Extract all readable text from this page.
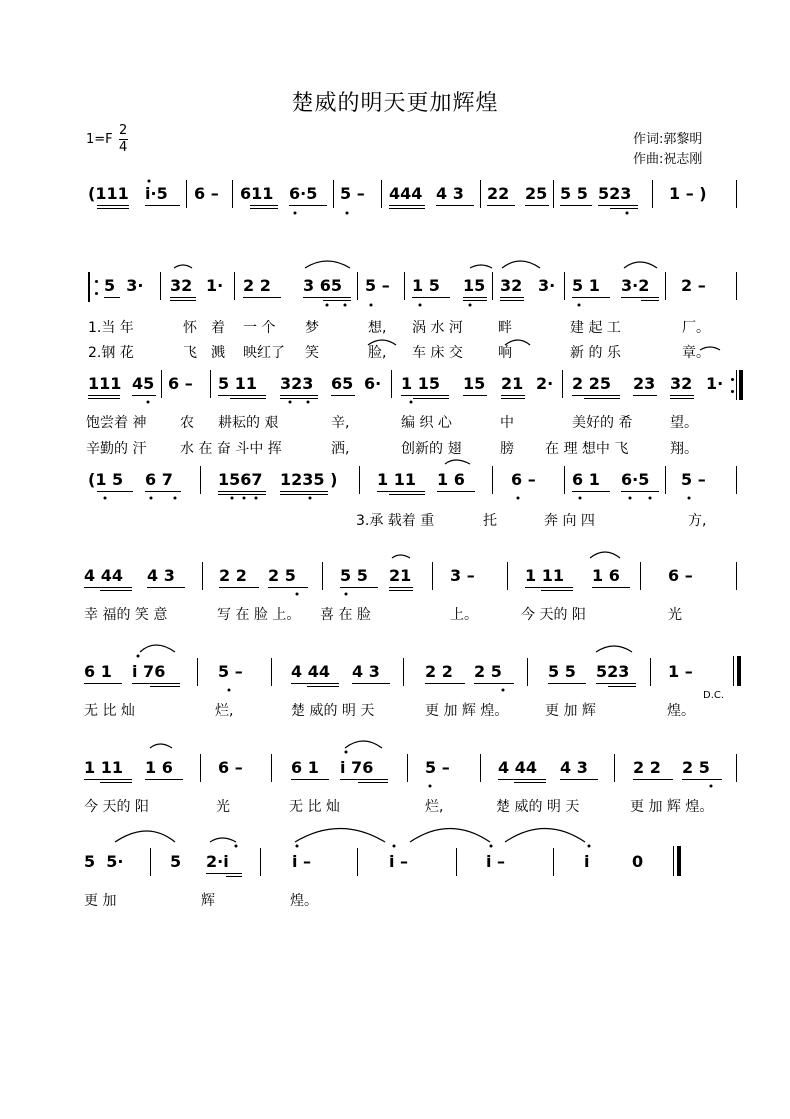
楚威的明天更加辉煌
$1=F \frac{2}{4}$	作词:郭黎明
作曲:祝志刚
(111 i·5 6 – 611 6·5 5 – 444 4 3 22 25 5 5 523 1 – )
5  3· 32 1· 2 2 3 65 5 – 1 5 15 32 3· 5 1 3·2 2 –
1.当 年	怀 着 一 个 梦	想, 涡 水 河	畔	建 起 工	厂。
2.钢 花	飞 溅 映红了 笑	脸, 车 床 交	响	新 的 乐	章。
111 45 6 – 5 11 323 65 6· 1 15 15 21 2· 2 25 23 32 1·
饱尝着 神 农 耕耘的 艰	辛,	编 织 心	中	美好的 希	望。
辛勤的 汗 水 在 奋 斗中 挥	洒,	创新的 翅	膀 在 理 想中 飞	翔。
(1 5 6 7	1567 1235 ) 1 11 1 6	6 – 6 1 6·5 5 –
3.承 载着 重	托	奔 向 四	方,
4 44 4 3	2 2 2 5	5 5 21 3 –	1 11 1 6	6 –
幸 福的 笑 意	写 在 脸 上。 喜 在 脸	上。	今 天的 阳	光
6 1 i 76	5 –	4 44 4 3	2 2 2 5	5 5 523 1 –
D.C.
无 比 灿	烂,	楚 威的 明 天	更 加 辉 煌。	更 加 辉	煌。
1 11 1 6	6 –	6 1 i 76	5 –	4 44 4 3	2 2 2 5
今 天的 阳	光	无 比 灿	烂,	楚 威的 明 天	更 加 辉 煌。
5  5·	5 2·i	i –	i –	i –	i	0
更 加	辉	煌。
